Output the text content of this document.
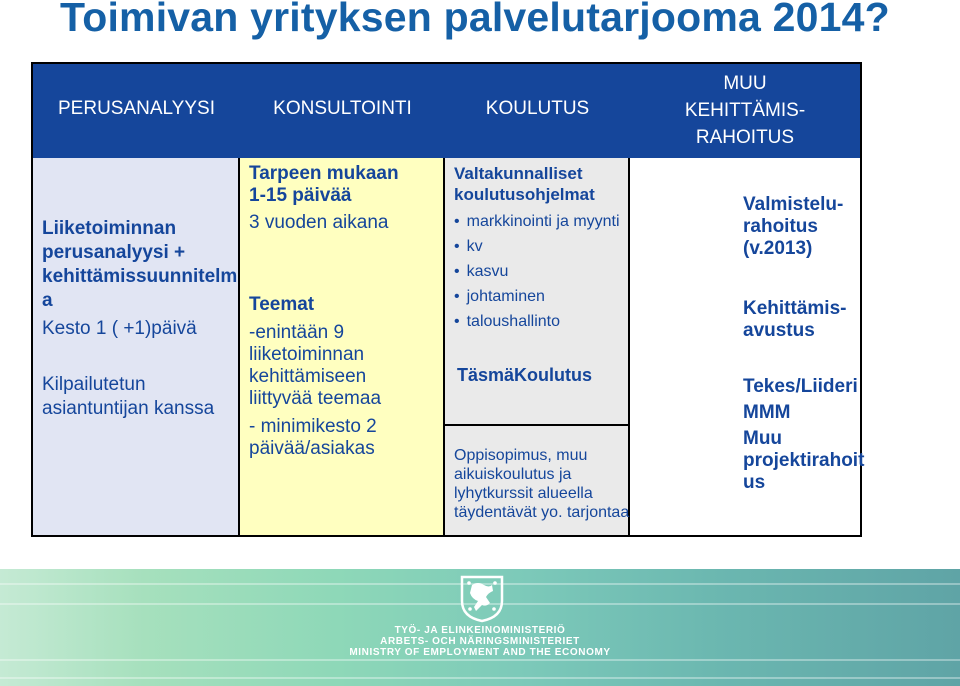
Toimivan yrityksen palvelutarjooma 2014?
PERUSANALYYSI	KONSULTOINTI	KOULUTUS
MUU
KEHITTÄMIS-
RAHOITUS
Liiketoiminnan
perusanalyysi +
kehittämissuunnitelm
a
Kesto 1 ( +1)päivä
Kilpailutetun
asiantuntijan kanssa
Tarpeen mukaan
1-15 päivää
3 vuoden aikana
Teemat
-enintään 9
liiketoiminnan
kehittämiseen
liittyvää teemaa
- minimikesto 2
päivää/asiakas
Valtakunnalliset
koulutusohjelmat
• markkinointi ja myynti
• kv
• kasvu
• johtaminen
• taloushallinto
TäsmäKoulutus
Oppisopimus, muu
aikuiskoulutus ja
lyhytkurssit alueella
täydentävät yo. tarjontaa
Valmistelu-
rahoitus
(v.2013)
Kehittämis-
avustus
Tekes/Liideri
MMM
Muu
projektirahoit
us
TYÖ- JA ELINKEINOMINISTERIÖ
ARBETS- OCH NÄRINGSMINISTERIET
MINISTRY OF EMPLOYMENT AND THE ECONOMY
